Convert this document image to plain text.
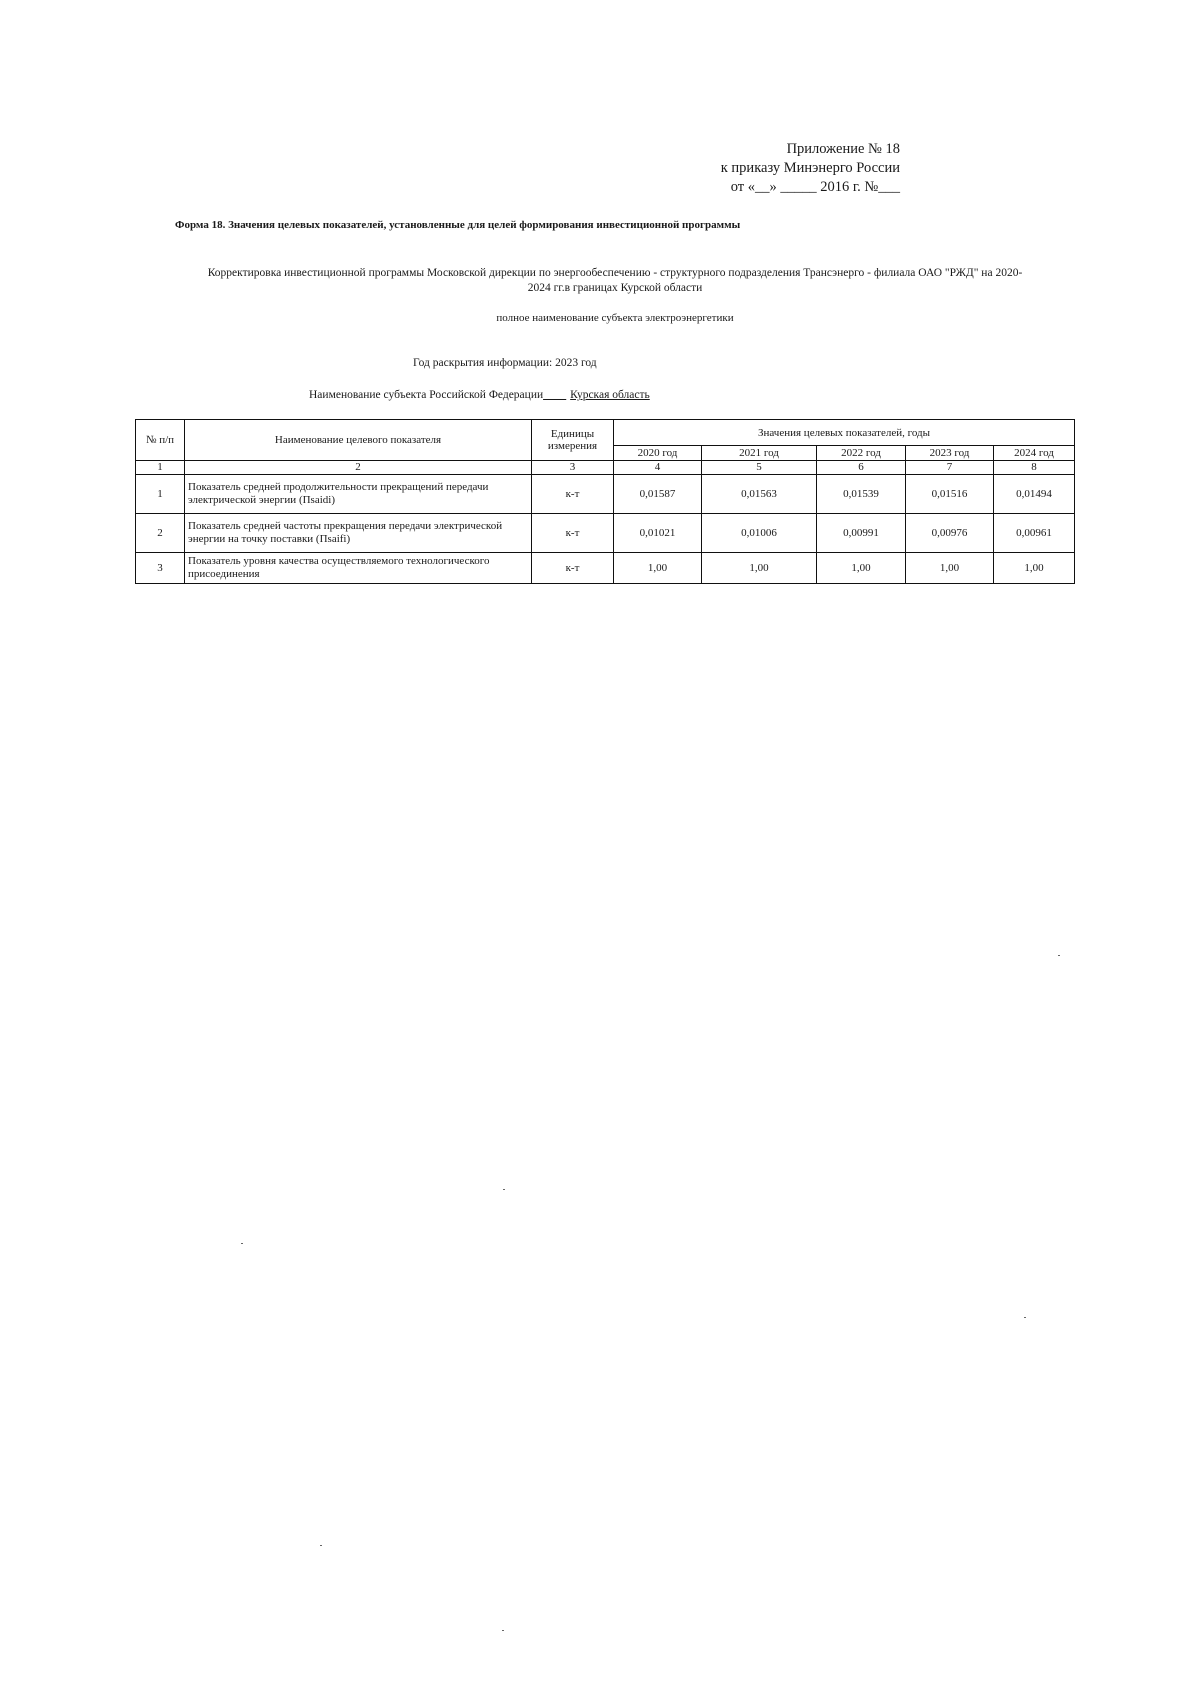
Приложение № 18
к приказу Минэнерго России
от «__» _____ 2016 г. №___
Форма 18. Значения целевых показателей, установленные для целей формирования инвестиционной программы
Корректировка инвестиционной программы Московской дирекции по энергообеспечению - структурного подразделения Трансэнерго - филиала ОАО "РЖД" на 2020-
2024 гг.в границах Курской области
полное наименование субъекта электроэнергетики
Год раскрытия информации: 2023 год
Наименование субъекта Российской Федерации____ Курская область
№ п/п	Наименование целевого показателя	Единицы измерения	Значения целевых показателей, годы				
			2020 год	2021 год	2022 год	2023 год	2024 год
1	2	3	4	5	6	7	8
1	Показатель средней продолжительности прекращений передачи электрической энергии (Пsaidi)	к-т	0,01587	0,01563	0,01539	0,01516	0,01494
2	Показатель средней частоты прекращения передачи электрической энергии на точку поставки (Пsaifi)	к-т	0,01021	0,01006	0,00991	0,00976	0,00961
3	Показатель уровня качества осуществляемого технологического присоединения	к-т	1,00	1,00	1,00	1,00	1,00
